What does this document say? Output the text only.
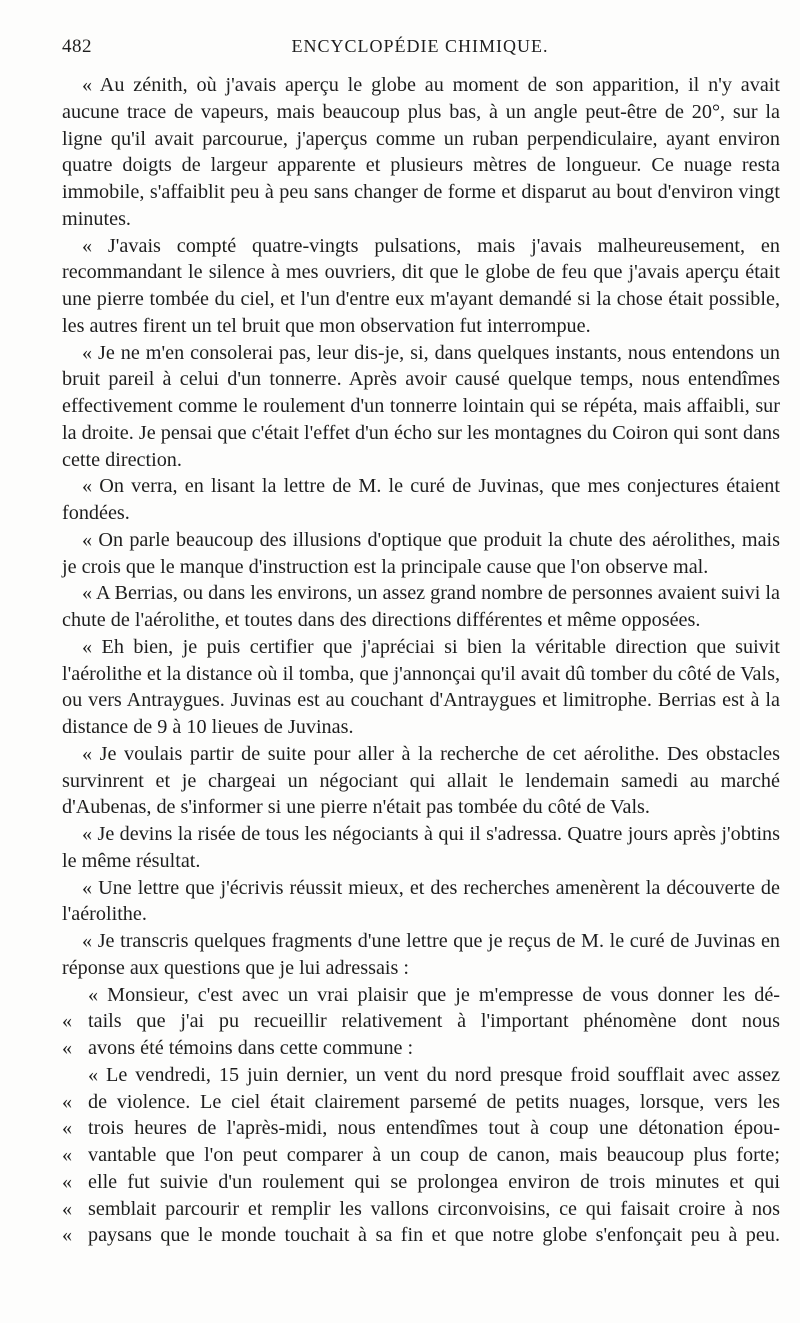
482	ENCYCLOPÉDIE CHIMIQUE.

« Au zénith, où j'avais aperçu le globe au moment de son apparition, il n'y avait aucune trace de vapeurs, mais beaucoup plus bas, à un angle peut-être de 20°, sur la ligne qu'il avait parcourue, j'aperçus comme un ruban perpendiculaire, ayant environ quatre doigts de largeur apparente et plusieurs mètres de longueur. Ce nuage resta immobile, s'affaiblit peu à peu sans changer de forme et disparut au bout d'environ vingt minutes.

« J'avais compté quatre-vingts pulsations, mais j'avais malheureusement, en recommandant le silence à mes ouvriers, dit que le globe de feu que j'avais aperçu était une pierre tombée du ciel, et l'un d'entre eux m'ayant demandé si la chose était possible, les autres firent un tel bruit que mon observation fut interrompue.

« Je ne m'en consolerai pas, leur dis-je, si, dans quelques instants, nous entendons un bruit pareil à celui d'un tonnerre. Après avoir causé quelque temps, nous entendîmes effectivement comme le roulement d'un tonnerre lointain qui se répéta, mais affaibli, sur la droite. Je pensai que c'était l'effet d'un écho sur les montagnes du Coiron qui sont dans cette direction.

« On verra, en lisant la lettre de M. le curé de Juvinas, que mes conjectures étaient fondées.

« On parle beaucoup des illusions d'optique que produit la chute des aérolithes, mais je crois que le manque d'instruction est la principale cause que l'on observe mal.

« A Berrias, ou dans les environs, un assez grand nombre de personnes avaient suivi la chute de l'aérolithe, et toutes dans des directions différentes et même opposées.

« Eh bien, je puis certifier que j'apréciai si bien la véritable direction que suivit l'aérolithe et la distance où il tomba, que j'annonçai qu'il avait dû tomber du côté de Vals, ou vers Antraygues. Juvinas est au couchant d'Antraygues et limitrophe. Berrias est à la distance de 9 à 10 lieues de Juvinas.

« Je voulais partir de suite pour aller à la recherche de cet aérolithe. Des obstacles survinrent et je chargeai un négociant qui allait le lendemain samedi au marché d'Aubenas, de s'informer si une pierre n'était pas tombée du côté de Vals.

« Je devins la risée de tous les négociants à qui il s'adressa. Quatre jours après j'obtins le même résultat.

« Une lettre que j'écrivis réussit mieux, et des recherches amenèrent la découverte de l'aérolithe.

« Je transcris quelques fragments d'une lettre que je reçus de M. le curé de Juvinas en réponse aux questions que je lui adressais :

« Monsieur, c'est avec un vrai plaisir que je m'empresse de vous donner les dé-
« tails que j'ai pu recueillir relativement à l'important phénomène dont nous
« avons été témoins dans cette commune :
« Le vendredi, 15 juin dernier, un vent du nord presque froid soufflait avec assez
« de violence. Le ciel était clairement parsemé de petits nuages, lorsque, vers les
« trois heures de l'après-midi, nous entendîmes tout à coup une détonation épou-
« vantable que l'on peut comparer à un coup de canon, mais beaucoup plus forte;
« elle fut suivie d'un roulement qui se prolongea environ de trois minutes et qui
« semblait parcourir et remplir les vallons circonvoisins, ce qui faisait croire à nos
« paysans que le monde touchait à sa fin et que notre globe s'enfonçait peu à peu.
